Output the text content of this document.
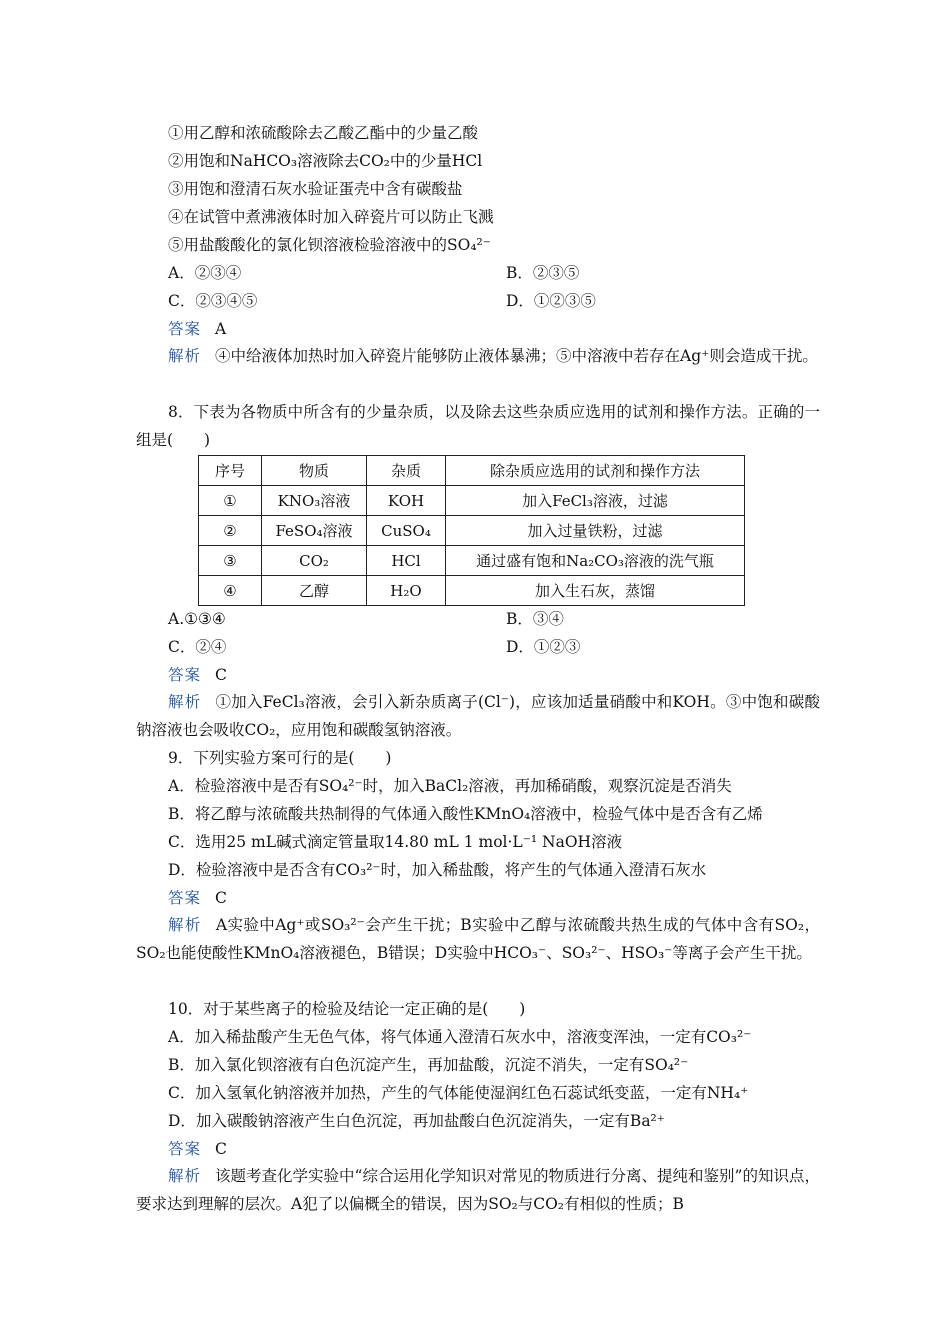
①用乙醇和浓硫酸除去乙酸乙酯中的少量乙酸
②用饱和NaHCO₃溶液除去CO₂中的少量HCl
③用饱和澄清石灰水验证蛋壳中含有碳酸盐
④在试管中煮沸液体时加入碎瓷片可以防止飞溅
⑤用盐酸酸化的氯化钡溶液检验溶液中的SO₄²⁻
A．②③④	B．②③⑤
C．②③④⑤	D．①②③⑤
答案 A
解析 ④中给液体加热时加入碎瓷片能够防止液体暴沸；⑤中溶液中若存在Ag⁺则会造成干扰。
8．下表为各物质中所含有的少量杂质，以及除去这些杂质应选用的试剂和操作方法。正确的一组是(　　)
序号	物质	杂质	除杂质应选用的试剂和操作方法
①	KNO₃溶液	KOH	加入FeCl₃溶液，过滤
②	FeSO₄溶液	CuSO₄	加入过量铁粉，过滤
③	CO₂	HCl	通过盛有饱和Na₂CO₃溶液的洗气瓶
④	乙醇	H₂O	加入生石灰，蒸馏
A.①③④	B．③④
C．②④	D．①②③
答案 C
解析 ①加入FeCl₃溶液，会引入新杂质离子(Cl⁻)，应该加适量硝酸中和KOH。③中饱和碳酸钠溶液也会吸收CO₂，应用饱和碳酸氢钠溶液。
9．下列实验方案可行的是(　　)
A．检验溶液中是否有SO₄²⁻时，加入BaCl₂溶液，再加稀硝酸，观察沉淀是否消失
B．将乙醇与浓硫酸共热制得的气体通入酸性KMnO₄溶液中，检验气体中是否含有乙烯
C．选用25 mL碱式滴定管量取14.80 mL 1 mol·L⁻¹ NaOH溶液
D．检验溶液中是否含有CO₃²⁻时，加入稀盐酸，将产生的气体通入澄清石灰水
答案 C
解析 A实验中Ag⁺或SO₃²⁻会产生干扰；B实验中乙醇与浓硫酸共热生成的气体中含有SO₂，SO₂也能使酸性KMnO₄溶液褪色，B错误；D实验中HCO₃⁻、SO₃²⁻、HSO₃⁻等离子会产生干扰。
10．对于某些离子的检验及结论一定正确的是(　　)
A．加入稀盐酸产生无色气体，将气体通入澄清石灰水中，溶液变浑浊，一定有CO₃²⁻
B．加入氯化钡溶液有白色沉淀产生，再加盐酸，沉淀不消失，一定有SO₄²⁻
C．加入氢氧化钠溶液并加热，产生的气体能使湿润红色石蕊试纸变蓝，一定有NH₄⁺
D．加入碳酸钠溶液产生白色沉淀，再加盐酸白色沉淀消失，一定有Ba²⁺
答案 C
解析 该题考查化学实验中“综合运用化学知识对常见的物质进行分离、提纯和鉴别”的知识点，要求达到理解的层次。A犯了以偏概全的错误，因为SO₂与CO₂有相似的性质；B
